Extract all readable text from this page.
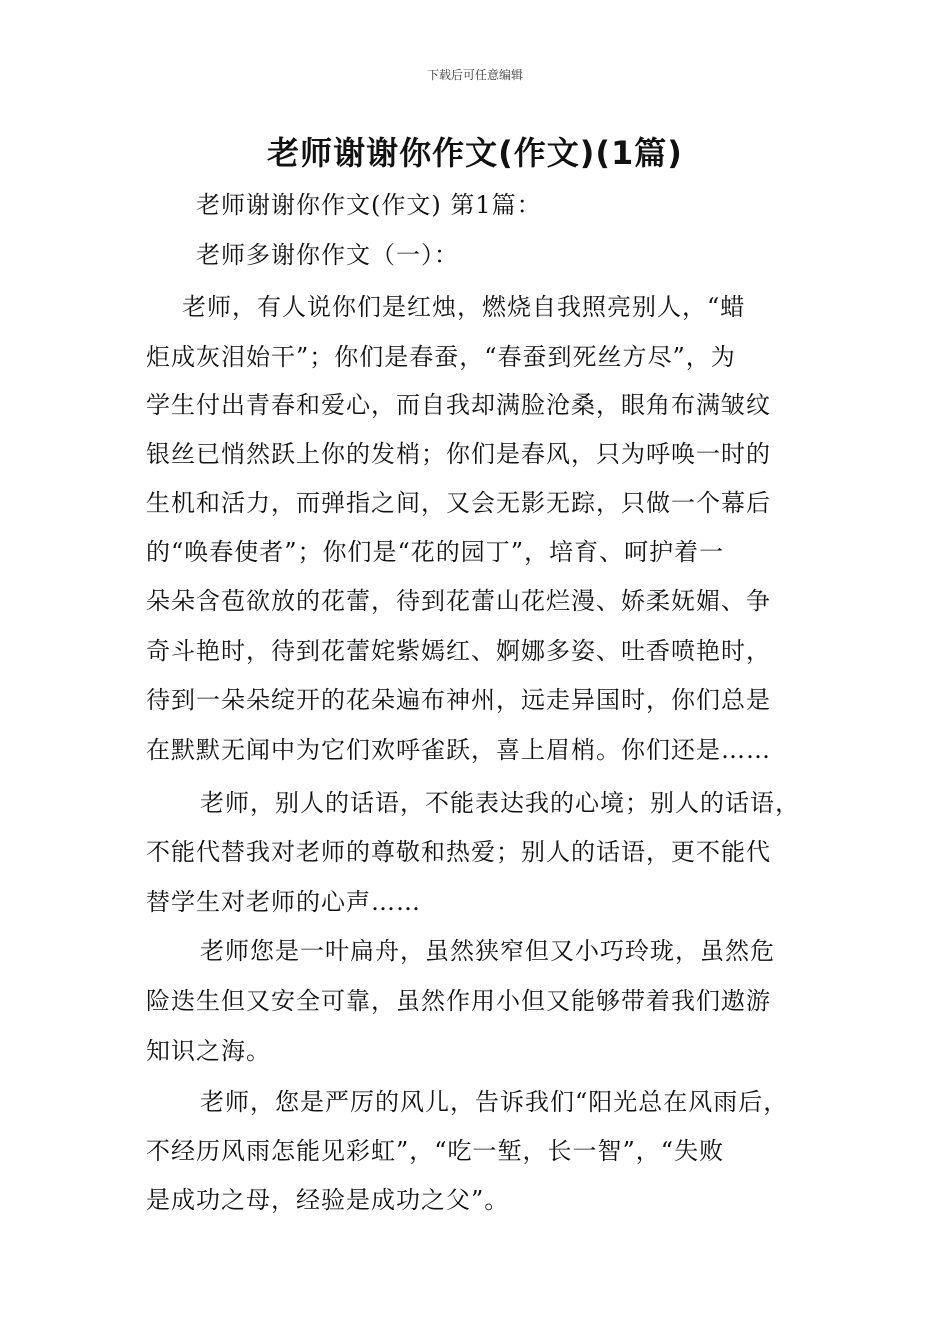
下载后可任意编辑
老师谢谢你作文(作文)(1篇)
老师谢谢你作文(作文) 第1篇：
老师多谢你作文（一）：
老师，有人说你们是红烛，燃烧自我照亮别人，“蜡
炬成灰泪始干”；你们是春蚕，“春蚕到死丝方尽”，为
学生付出青春和爱心，而自我却满脸沧桑，眼角布满皱纹
银丝已悄然跃上你的发梢；你们是春风，只为呼唤一时的
生机和活力，而弹指之间，又会无影无踪，只做一个幕后
的“唤春使者”；你们是“花的园丁”，培育、呵护着一
朵朵含苞欲放的花蕾，待到花蕾山花烂漫、娇柔妩媚、争
奇斗艳时，待到花蕾姹紫嫣红、婀娜多姿、吐香喷艳时，
待到一朵朵绽开的花朵遍布神州，远走异国时，你们总是
在默默无闻中为它们欢呼雀跃，喜上眉梢。你们还是……
老师，别人的话语，不能表达我的心境；别人的话语，
不能代替我对老师的尊敬和热爱；别人的话语，更不能代
替学生对老师的心声……
老师您是一叶扁舟，虽然狭窄但又小巧玲珑，虽然危
险迭生但又安全可靠，虽然作用小但又能够带着我们遨游
知识之海。
老师，您是严厉的风儿，告诉我们“阳光总在风雨后，
不经历风雨怎能见彩虹”，“吃一堑，长一智”，“失败
是成功之母，经验是成功之父”。
